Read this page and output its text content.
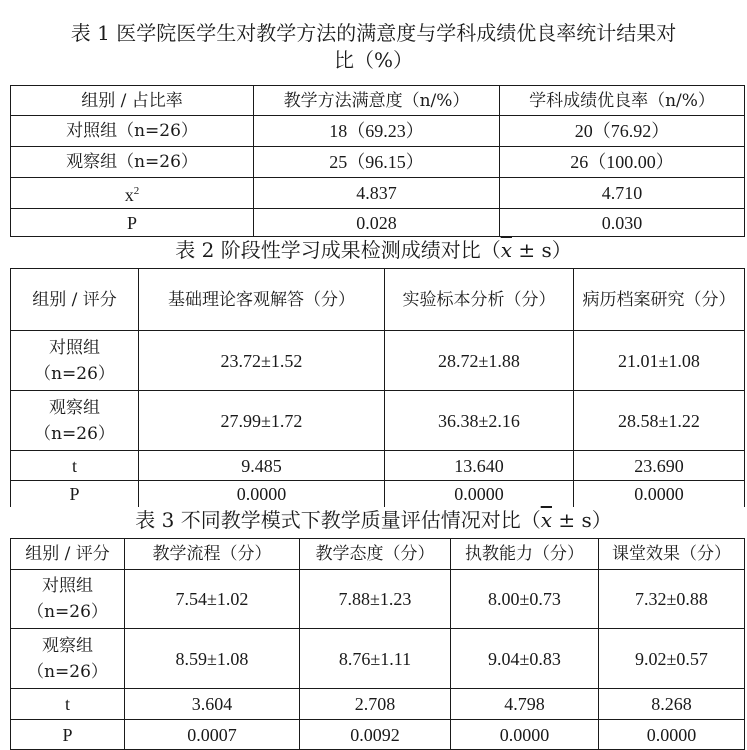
表 1 医学院医学生对教学方法的满意度与学科成绩优良率统计结果对
比（%）
组别 / 占比率	教学方法满意度（n/%）	学科成绩优良率（n/%）
对照组（n=26）	18（69.23）	20（76.92）
观察组（n=26）	25（96.15）	26（100.00）
$x^2$	4.837	4.710
P	0.028	0.030
表 2 阶段性学习成果检测成绩对比$(\overline{x} \pm s)$
组别 / 评分	基础理论客观解答（分）	实验标本分析（分）	病历档案研究（分）
对照组（n=26）	23.72±1.52	28.72±1.88	21.01±1.08
观察组（n=26）	27.99±1.72	36.38±2.16	28.58±1.22
t	9.485	13.640	23.690
P	0.0000	0.0000	0.0000
表 3 不同教学模式下教学质量评估情况对比$(\overline{x} \pm s)$
组别 / 评分	教学流程（分）	教学态度（分）	执教能力（分）	课堂效果（分）
对照组（n=26）	7.54±1.02	7.88±1.23	8.00±0.73	7.32±0.88
观察组（n=26）	8.59±1.08	8.76±1.11	9.04±0.83	9.02±0.57
t	3.604	2.708	4.798	8.268
P	0.0007	0.0092	0.0000	0.0000
